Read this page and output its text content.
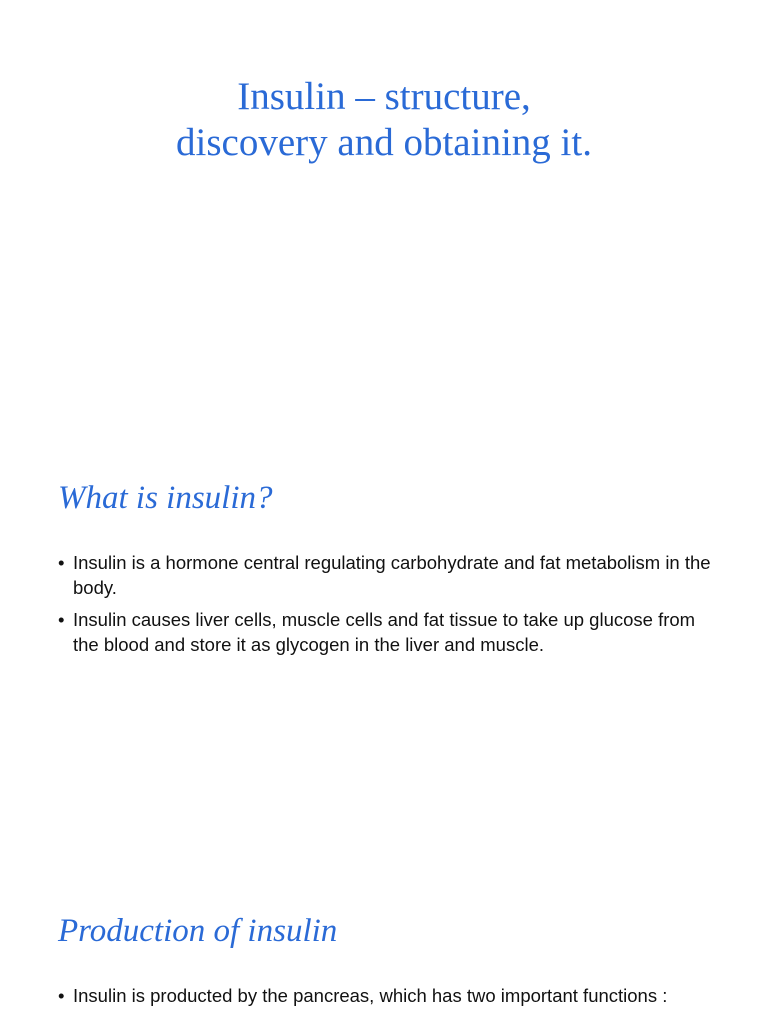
Insulin – structure,
discovery and obtaining it.
What is insulin?
• Insulin is a hormone central regulating carbohydrate and fat metabolism in the body.
• Insulin causes liver cells, muscle cells and fat tissue to take up glucose from the blood and store it as glycogen in the liver and muscle.
Production of insulin
• Insulin is producted by the pancreas, which has two important functions :
